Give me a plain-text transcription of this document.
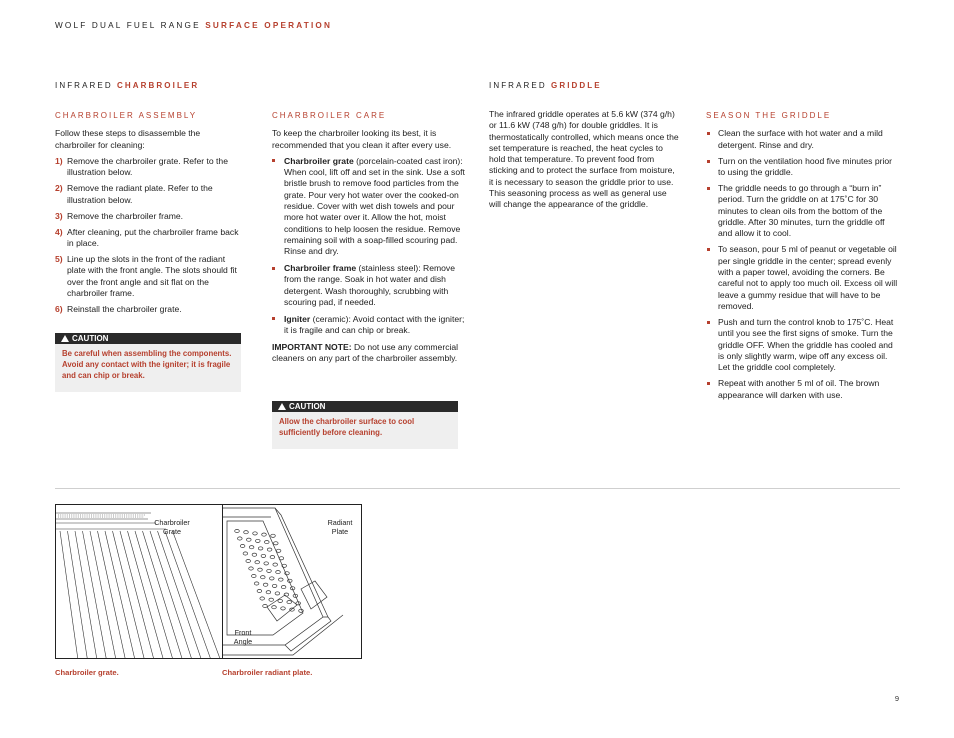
WOLF DUAL FUEL RANGE SURFACE OPERATION
INFRARED CHARBROILER	INFRARED GRIDDLE
CHARBROILER ASSEMBLY

Follow these steps to disassemble the charbroiler for cleaning:

1) Remove the charbroiler grate. Refer to the illustration below.
2) Remove the radiant plate. Refer to the illustration below.
3) Remove the charbroiler frame.
4) After cleaning, put the charbroiler frame back in place.
5) Line up the slots in the front of the radiant plate with the front angle. The slots should fit over the front angle and sit flat on the charbroiler frame.
6) Reinstall the charbroiler grate.
CAUTION
Be careful when assembling the components. Avoid any contact with the igniter; it is fragile and can chip or break.
CHARBROILER CARE

To keep the charbroiler looking its best, it is recommended that you clean it after every use.

Charbroiler grate (porcelain-coated cast iron): When cool, lift off and set in the sink. Use a soft bristle brush to remove food particles from the grate. Pour very hot water over the cooked-on residue. Cover with wet dish towels and pour more hot water over it. Allow the hot, moist conditions to help loosen the residue. Remove remaining soil with a soap-filled scouring pad. Rinse and dry.
Charbroiler frame (stainless steel): Remove from the range. Soak in hot water and dish detergent. Wash thoroughly, scrubbing with scouring pad, if needed.
Igniter (ceramic): Avoid contact with the igniter; it is fragile and can chip or break.

IMPORTANT NOTE: Do not use any commercial cleaners on any part of the charbroiler assembly.

CAUTION
Allow the charbroiler surface to cool sufficiently before cleaning.

The infrared griddle operates at 5.6 kW (374 g/h) or 11.6 kW (748 g/h) for double griddles. It is thermostatically controlled, which means once the set temperature is reached, the heat cycles to hold that temperature. To prevent food from sticking and to protect the surface from moisture, it is necessary to season the griddle prior to use. This seasoning process as well as general use will change the appearance of the griddle.

SEASON THE GRIDDLE
Clean the surface with hot water and a mild detergent. Rinse and dry.
Turn on the ventilation hood five minutes prior to using the griddle.
The griddle needs to go through a “burn in” period. Turn the griddle on at 175˚C for 30 minutes to clean oils from the bottom of the griddle. After 30 minutes, turn the griddle off and allow it to cool.
To season, pour 5 ml of peanut or vegetable oil per single griddle in the center; spread evenly with a paper towel, avoiding the corners. Be careful not to apply too much oil. Excess oil will leave a gummy residue that will have to be removed.
Push and turn the control knob to 175˚C. Heat until you see the first signs of smoke. Turn the griddle OFF. When the griddle has cooled and is only slightly warm, wipe off any excess oil. Let the griddle cool completely.
Repeat with another 5 ml of oil. The brown appearance will darken with use.
Charbroiler
Grate
Charbroiler grate.
Radiant
Plate
Front
Angle
Charbroiler radiant plate.
9
